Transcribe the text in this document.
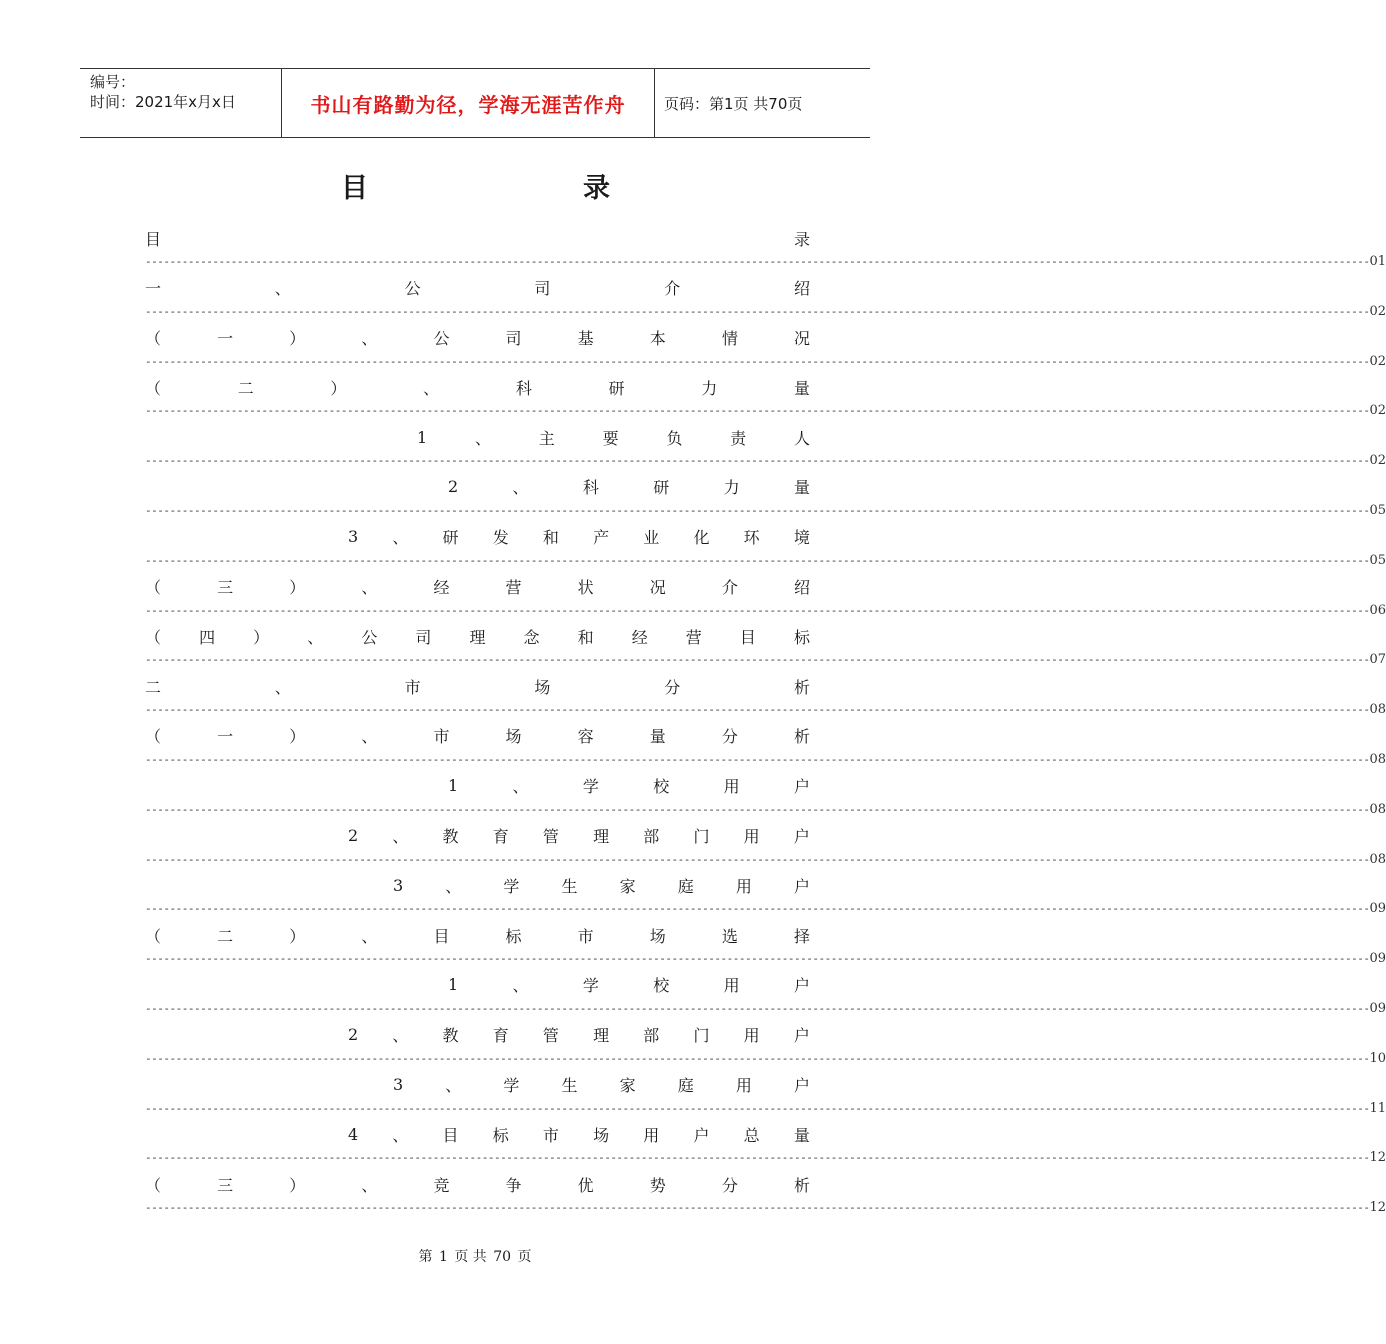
编号：
时间：2021年x月x日	书山有路勤为径，学海无涯苦作舟	页码：第1页 共70页
目	录
目	录
-------------------------------------------------------------------------------------------------------------------------------------------------------------------------------------------------------- 01
一	、	公	司	介	绍
-------------------------------------------------------------------------------------------------------------------------------------------------------------------------------------------------------- 02
（	一	）	、	公	司	基	本	情	况
-------------------------------------------------------------------------------------------------------------------------------------------------------------------------------------------------------- 02
（	二	）	、	科	研	力	量
-------------------------------------------------------------------------------------------------------------------------------------------------------------------------------------------------------- 02
1	、	主	要	负	责	人
-------------------------------------------------------------------------------------------------------------------------------------------------------------------------------------------------------- 02
2	、	科	研	力	量
-------------------------------------------------------------------------------------------------------------------------------------------------------------------------------------------------------- 05
3 、 研 发 和 产 业 化 环 境
-------------------------------------------------------------------------------------------------------------------------------------------------------------------------------------------------------- 05
（	三	）	、	经	营	状	况	介	绍
-------------------------------------------------------------------------------------------------------------------------------------------------------------------------------------------------------- 06
（ 四 ） 、 公 司 理 念 和 经 营 目 标
-------------------------------------------------------------------------------------------------------------------------------------------------------------------------------------------------------- 07
二	、	市	场	分	析
-------------------------------------------------------------------------------------------------------------------------------------------------------------------------------------------------------- 08
（	一	）	、	市	场	容	量	分	析
-------------------------------------------------------------------------------------------------------------------------------------------------------------------------------------------------------- 08
1	、	学	校	用	户
-------------------------------------------------------------------------------------------------------------------------------------------------------------------------------------------------------- 08
2 、 教 育 管 理 部 门 用 户
-------------------------------------------------------------------------------------------------------------------------------------------------------------------------------------------------------- 08
3	、	学	生	家	庭	用	户
-------------------------------------------------------------------------------------------------------------------------------------------------------------------------------------------------------- 09
（	二	）	、	目	标	市	场	选	择
-------------------------------------------------------------------------------------------------------------------------------------------------------------------------------------------------------- 09
1	、	学	校	用	户
-------------------------------------------------------------------------------------------------------------------------------------------------------------------------------------------------------- 09
2 、 教 育 管 理 部 门 用 户
-------------------------------------------------------------------------------------------------------------------------------------------------------------------------------------------------------- 10
3	、	学	生	家	庭	用	户
-------------------------------------------------------------------------------------------------------------------------------------------------------------------------------------------------------- 11
4 、 目 标 市 场 用 户 总 量
-------------------------------------------------------------------------------------------------------------------------------------------------------------------------------------------------------- 12
（	三	）	、	竞	争	优	势	分	析
-------------------------------------------------------------------------------------------------------------------------------------------------------------------------------------------------------- 12
第 1 页 共 70 页
